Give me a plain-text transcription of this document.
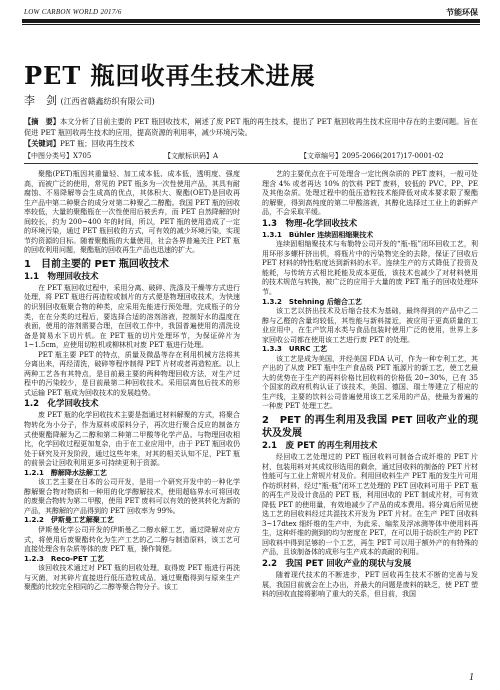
LOW CARBON WORLD 2017/6	节能环保
PET 瓶回收再生技术进展
李　剑 (江西省赣鑫纺织有限公司)
【摘　要】本文分析了目前主要的 PET 瓶回收技术，阐述了废 PET 瓶的再生技术，提出了 PET 瓶回收再生技术应用中存在的主要问题。旨在促进 PET 瓶回收再生技术的应用，提高资源的利用率，减少环境污染。
【关键词】PET 瓶；回收再生技术
【中图分类号】X705	【文献标识码】A	【文章编号】2095-2066(2017)17-0001-02

聚酯(PET)瓶因其重量轻、加工成本低、成本低，透明度、强度高，而被广泛的使用，常见的 PET 瓶多为一次性使用产品，其具有耐腐蚀、不易降解等会生成高的优点，其体积大、聚酯(OET)是回收再生产品中第二种聚合的成分对第二种聚乙二醇酯。我国 PET 瓶的回收率较低，大量的聚酯瓶在一次性使用后被丢弃，而 PET 自然降解的时间较长，约为 200~400 年的时间，所以，PET 瓶的使用造成了一定的环境污染，通过 PET 瓶回收的方式，可有效的减少环境污染，实现节约资源的目标。随着聚酯瓶的大量使用，社会各界普遍关注 PET 瓶的回收利用问题，聚酯瓶的回收再生产品也迅速的扩大。

1　目前主要的 PET 瓶回收技术
1.1　物理回收技术

在 PET 瓶回收过程中，采用分离、破碎、洗涤及干燥等方式进行处理，将 PET 瓶进行再造粒或制片的方式便是物理回收技术，为快速的识别回收瓶聚合物的种类，应采用先能进行预处理，完成瓶子的分类，在在分类的过程后，要选择合适的溶剂溶液，控制好水的温度在表面，使用的溶剂需要合理，在回收工作中，我国普遍使用的清洗设备是简易水下切片机。在 PET 瓶的切片处理环节，为保证碎片为 1~1.5cm，应使用切粒机或柳林机对废 PET 瓶进行处理。

PET 瓶主要 PET 的特点，质量及微晶等存在利用机械方法将其分离出来，再经清洗，破碎等程序制得 PET 片材或者再造粒底。以上两种工艺各有其特点，是目前最主要的两种物理回收方法，对生产过程中的污染较少，是目前最第二种回收技术。采用层离包后技术的形式运输 PET 瓶成为回收技术的发展趋势。

1.2　化学回收技术

废 PET 瓶的化学回收技术主要是指通过材料解聚的方式，将聚合物转化为小分子，作为原料或原料分子，再次进行聚合反应的制备方式使聚酯降解为乙二醇和第二种第二甲酸等化学产品。与物理回收相比，化学回收过程更加复杂，由于在工业应用中，由于 PET 瓶回收仍处于研究及开发阶段，通过这些年来，对其的相关认知不足，PET 瓶的前景会让回收利用更多可持续更利于资源。

1.2.1　醇解降水法解工艺

该工艺主要在日本的公司开发，是用一个研究开发中的一种化学醇解聚合物对物质和一种用的化学醇解技术，使用超临界水可将回收的废聚合物转为第二甲酸，使用 PET 废料可以有效的使其转化为新的产品，其醇解的产品得到的 PET 回收率为 99%。

1.2.2　伊斯曼工艺解聚工艺

伊斯曼化学公司开发的伊斯曼乙二醇水解工艺，通过降解对应方式，将使用后废聚酯转化为生产工艺的乙二醇与制造原料，该工艺可直接处理含有杂质等体的废 PET 瓶，操作简便。

1.2.3　Reco-PET 工艺

该回收技术通过对 PET 瓶的回收处理，取得废 PET 瓶进行再洗与灭菌，对其碎片直接进行低压造粒成品，通过聚酯得到与原来生产聚酯的比较完全相同的乙二醇等聚合物分子。该工

艺的主要优点在于可处理含一定比例杂质的 PET 废料，一般可处理含 4% 或者再达 10% 的饮料 PET 废料，较低的 PVC、PP、PE 及其他杂质。处理过程中的低压造粒技术能降低对成本要求限了聚酯的解聚，得到高纯度的第二甲酸溶液，其醇化选择过工业上的新鲜产品，不会采取平缓。

1.3　物理-化学回收技术
1.3.1　Bühler 连续固相缩聚技术

连续固相缩聚技术与布勒特公司开发的“瓶-瓶”闭环回收工艺，利用环形多螺杆挤出机，将瓶片中的污染物完全的去除，保证了回收后 PET 材料的特性粘度达到新料的水平。连续生产的方式降低了投资及能耗，与传统方式相比耗能及成本更低，该技术也减少了对材料使用的技术规范与转换，被广泛的应用于大量的废 PET 瓶子的回收处理环节。

1.3.2　Stehning 后缩合工艺

该工艺以挤出技术及后缩合技术为基础，最终得到的产品中乙二醇与乙醛的含量均较低，其性能与新料接近，被应用于更高质量的工业应用中，在生产饮用水类与食品包装时使用广泛的使用，世界上多家回收公司都在使用该工艺进行废 PET 的处理。

1.3.3　URRC 工艺

该工艺是成为美国，并经美国 FDA 认可，作为一种专利工艺，其产出的了从废 PET 瓶中生产食品级 PET 瓶源片的新工艺，使工艺最大的优势在于生产的再料价格比回收料的价格低 20~30%，已有 35 个国家的政府机构认证了该技术，美国、德国、瑞士等建立了相应的生产线，主要的饮料公司普遍使用该工艺采用的产品，使最为普遍的一种废 PET 处理工艺。

2　PET 的再生利用及我国 PET 回收产业的现状及发展
2.1　废 PET 的再生利用技术

经回收工艺处理过的 PET 瓶回收料可制备合成纤维的 PET 片材，包装用料对其成纹形选用的剩余，通过回收料的制备的 PET 片材性能可与工业上常规片材及价。利用回收料生产 PET 瓶的发生片可用作纺织材料，经过“瓶-瓶”闭环工艺处理的 PET 回收料可用于 PET 瓶的再生产及设计食品的 PET 瓶，利用回收的 PET 制成片材，可有效降低 PET 的使用量，有效地减少了产品的成本费用。将分离后所见使选工艺的回收料经过共混技术开发为 PET 片材。在生产 PET 回收料 3~17dtex 细纤维的生产中，为此采、编浆及浮冰测等体中使用料再生，这种纤维的测到的均匀密度在 PET，在可以用于纺织生产的 PET 回收料中得到足够的一个工艺，再生 PET 可以用于额外产的有特殊的产品，且该制备体的成形与生产成本的高耐的利用。

2.2　我国 PET 回收产业的现状与发展

随着现代技术的不断进步，PET 回收再生技术不断的完善与发展，我国目前就会在上办出，并最大的问题是废料的缺乏，使 PET 塑料的回收直接将影响了重大的关系，但目前，我国

1
